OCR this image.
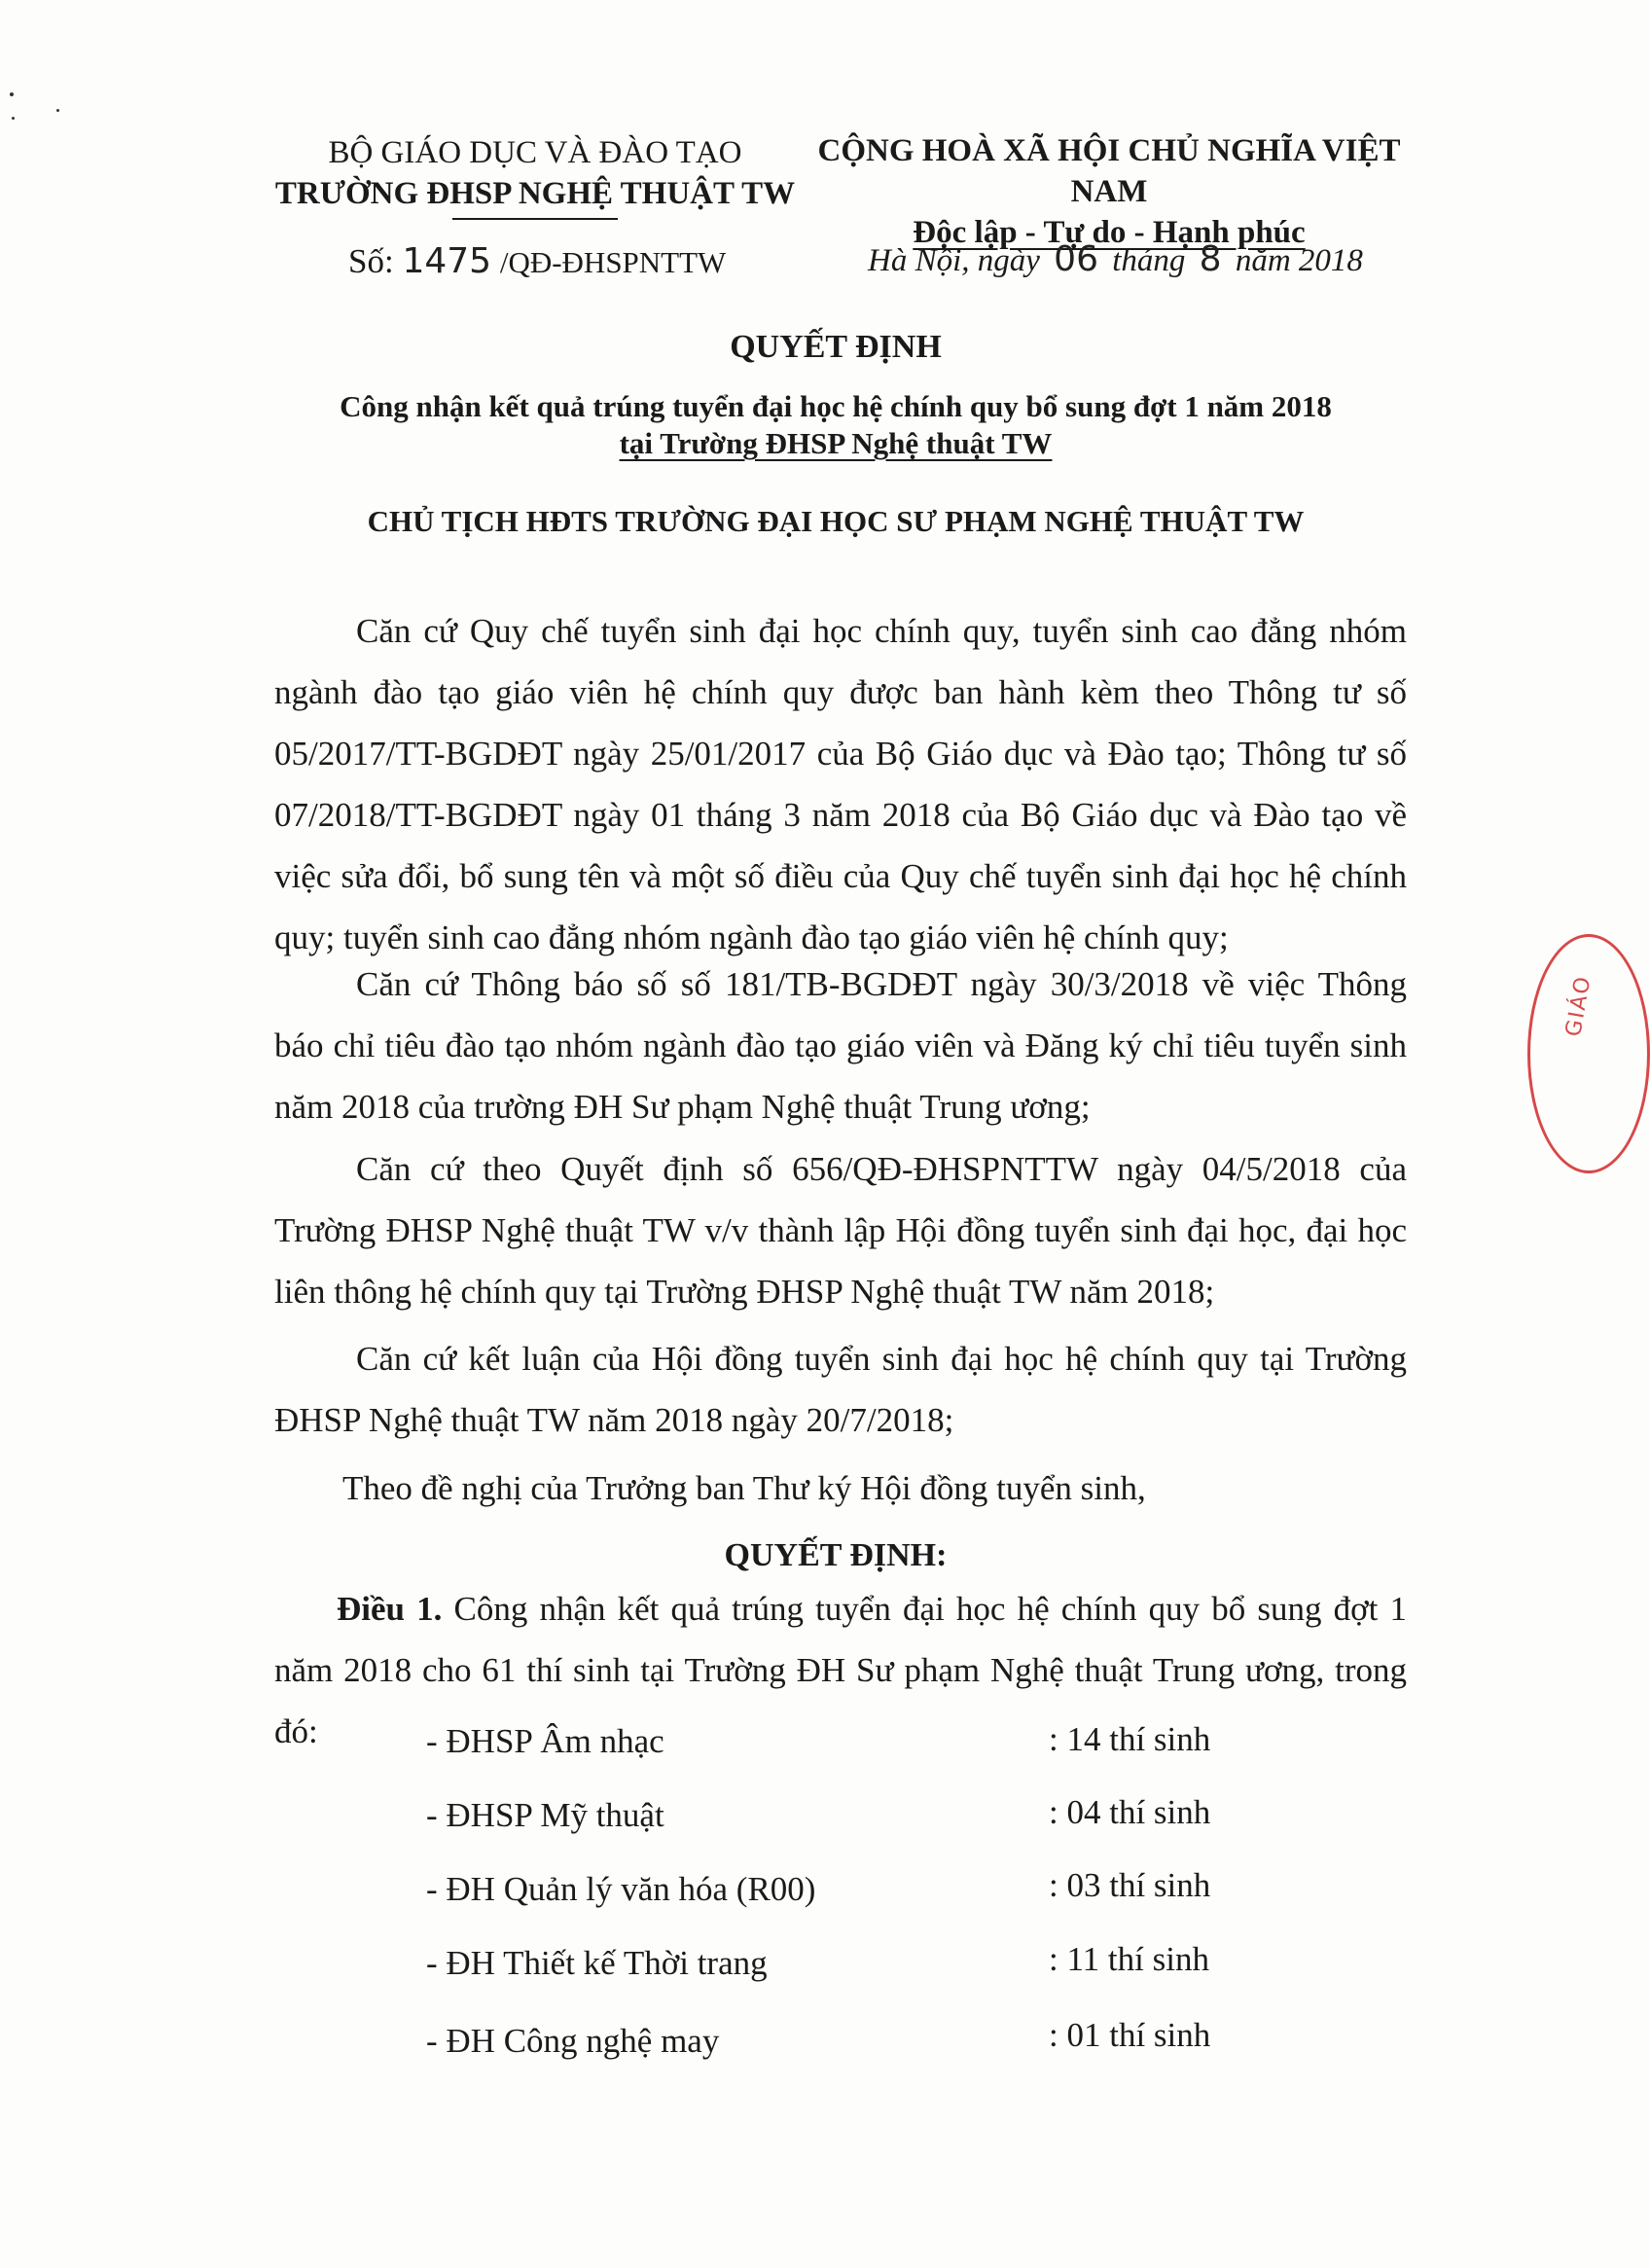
BỘ GIÁO DỤC VÀ ĐÀO TẠO
TRƯỜNG ĐHSP NGHỆ THUẬT TW
CỘNG HOÀ XÃ HỘI CHỦ NGHĨA VIỆT NAM
Độc lập - Tự do - Hạnh phúc
Số: 1475 /QĐ-ĐHSPNTTW	Hà Nội, ngày 06 tháng 8 năm 2018
QUYẾT ĐỊNH
Công nhận kết quả trúng tuyển đại học hệ chính quy bổ sung đợt 1 năm 2018
tại Trường ĐHSP Nghệ thuật TW
CHỦ TỊCH HĐTS TRƯỜNG ĐẠI HỌC SƯ PHẠM NGHỆ THUẬT TW
Căn cứ Quy chế tuyển sinh đại học chính quy, tuyển sinh cao đẳng nhóm ngành đào tạo giáo viên hệ chính quy được ban hành kèm theo Thông tư số 05/2017/TT-BGDĐT ngày 25/01/2017 của Bộ Giáo dục và Đào tạo; Thông tư số 07/2018/TT-BGDĐT ngày 01 tháng 3 năm 2018 của Bộ Giáo dục và Đào tạo về việc sửa đổi, bổ sung tên và một số điều của Quy chế tuyển sinh đại học hệ chính quy; tuyển sinh cao đẳng nhóm ngành đào tạo giáo viên hệ chính quy;
Căn cứ Thông báo số số 181/TB-BGDĐT ngày 30/3/2018 về việc Thông báo chỉ tiêu đào tạo nhóm ngành đào tạo giáo viên và Đăng ký chỉ tiêu tuyển sinh năm 2018 của trường ĐH Sư phạm Nghệ thuật Trung ương;
Căn cứ theo Quyết định số 656/QĐ-ĐHSPNTTW ngày 04/5/2018 của Trường ĐHSP Nghệ thuật TW v/v thành lập Hội đồng tuyển sinh đại học, đại học liên thông hệ chính quy tại Trường ĐHSP Nghệ thuật TW năm 2018;
Căn cứ kết luận của Hội đồng tuyển sinh đại học hệ chính quy tại Trường ĐHSP Nghệ thuật TW năm 2018 ngày 20/7/2018;
Theo đề nghị của Trưởng ban Thư ký Hội đồng tuyển sinh,
QUYẾT ĐỊNH:
Điều 1. Công nhận kết quả trúng tuyển đại học hệ chính quy bổ sung đợt 1 năm 2018 cho 61 thí sinh tại Trường ĐH Sư phạm Nghệ thuật Trung ương, trong đó:	- ĐHSP Âm nhạc	: 14 thí sinh
- ĐHSP Mỹ thuật	: 04 thí sinh
- ĐH Quản lý văn hóa (R00)	: 03 thí sinh
- ĐH Thiết kế Thời trang	: 11 thí sinh
- ĐH Công nghệ may	: 01 thí sinh
GIÁO
